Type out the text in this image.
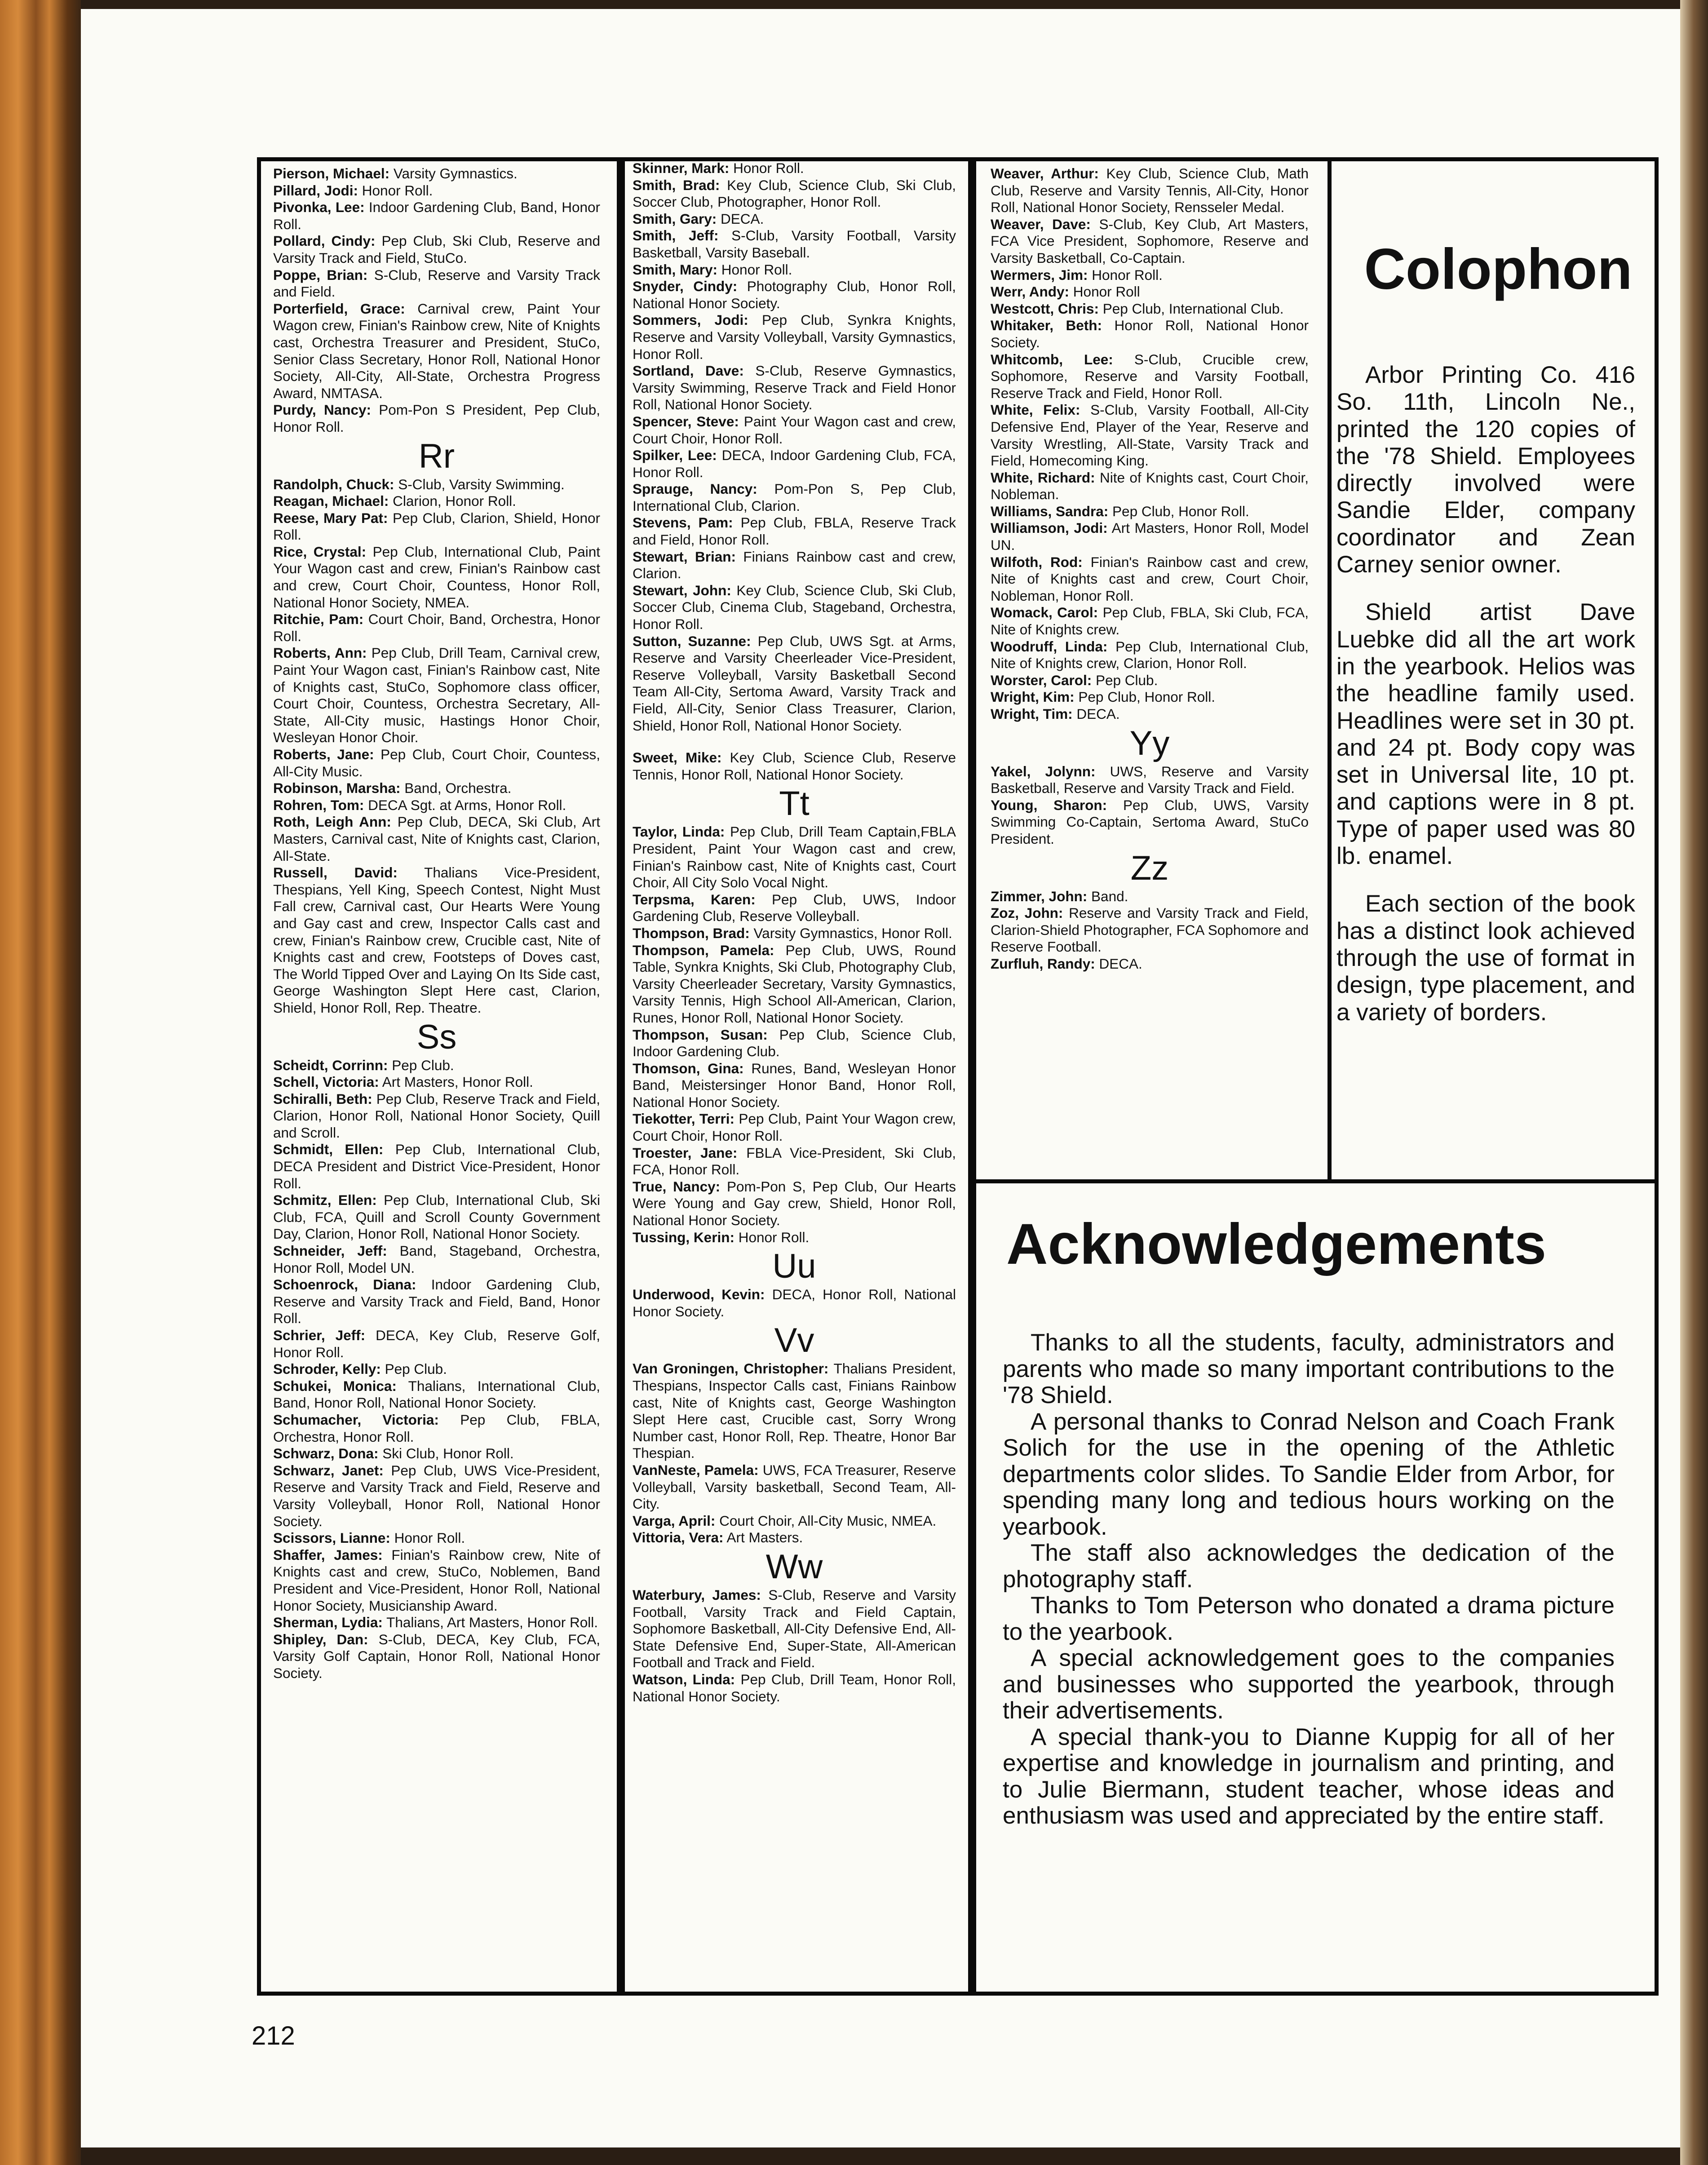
Pierson, Michael: Varsity Gymnastics.

Pillard, Jodi: Honor Roll.

Pivonka, Lee: Indoor Gardening Club, Band, Honor Roll.

Pollard, Cindy: Pep Club, Ski Club, Reserve and Varsity Track and Field, StuCo.

Poppe, Brian: S-Club, Reserve and Varsity Track and Field.

Porterfield, Grace: Carnival crew, Paint Your Wagon crew, Finian's Rainbow crew, Nite of Knights cast, Orchestra Treasurer and President, StuCo, Senior Class Secretary, Honor Roll, National Honor Society, All-City, All-State, Orchestra Progress Award, NMTASA.

Purdy, Nancy: Pom-Pon S President, Pep Club, Honor Roll.

Rr

Randolph, Chuck: S-Club, Varsity Swimming.

Reagan, Michael: Clarion, Honor Roll.

Reese, Mary Pat: Pep Club, Clarion, Shield, Honor Roll.

Rice, Crystal: Pep Club, International Club, Paint Your Wagon cast and crew, Finian's Rainbow cast and crew, Court Choir, Countess, Honor Roll, National Honor Society, NMEA.

Ritchie, Pam: Court Choir, Band, Orchestra, Honor Roll.

Roberts, Ann: Pep Club, Drill Team, Carnival crew, Paint Your Wagon cast, Finian's Rainbow cast, Nite of Knights cast, StuCo, Sophomore class officer, Court Choir, Countess, Orchestra Secretary, All-State, All-City music, Hastings Honor Choir, Wesleyan Honor Choir.

Roberts, Jane: Pep Club, Court Choir, Countess, All-City Music.

Robinson, Marsha: Band, Orchestra.

Rohren, Tom: DECA Sgt. at Arms, Honor Roll.

Roth, Leigh Ann: Pep Club, DECA, Ski Club, Art Masters, Carnival cast, Nite of Knights cast, Clarion, All-State.

Russell, David: Thalians Vice-President, Thespians, Yell King, Speech Contest, Night Must Fall crew, Carnival cast, Our Hearts Were Young and Gay cast and crew, Inspector Calls cast and crew, Finian's Rainbow crew, Crucible cast, Nite of Knights cast and crew, Footsteps of Doves cast, The World Tipped Over and Laying On Its Side cast, George Washington Slept Here cast, Clarion, Shield, Honor Roll, Rep. Theatre.

Ss

Scheidt, Corrinn: Pep Club.

Schell, Victoria: Art Masters, Honor Roll.

Schiralli, Beth: Pep Club, Reserve Track and Field, Clarion, Honor Roll, National Honor Society, Quill and Scroll.

Schmidt, Ellen: Pep Club, International Club, DECA President and District Vice-President, Honor Roll.

Schmitz, Ellen: Pep Club, International Club, Ski Club, FCA, Quill and Scroll County Government Day, Clarion, Honor Roll, National Honor Society.

Schneider, Jeff: Band, Stageband, Orchestra, Honor Roll, Model UN.

Schoenrock, Diana: Indoor Gardening Club, Reserve and Varsity Track and Field, Band, Honor Roll.

Schrier, Jeff: DECA, Key Club, Reserve Golf, Honor Roll.

Schroder, Kelly: Pep Club.

Schukei, Monica: Thalians, International Club, Band, Honor Roll, National Honor Society.

Schumacher, Victoria: Pep Club, FBLA, Orchestra, Honor Roll.

Schwarz, Dona: Ski Club, Honor Roll.

Schwarz, Janet: Pep Club, UWS Vice-President, Reserve and Varsity Track and Field, Reserve and Varsity Volleyball, Honor Roll, National Honor Society.

Scissors, Lianne: Honor Roll.

Shaffer, James: Finian's Rainbow crew, Nite of Knights cast and crew, StuCo, Noblemen, Band President and Vice-President, Honor Roll, National Honor Society, Musicianship Award.

Sherman, Lydia: Thalians, Art Masters, Honor Roll.

Shipley, Dan: S-Club, DECA, Key Club, FCA, Varsity Golf Captain, Honor Roll, National Honor Society.

Skinner, Mark: Honor Roll.

Smith, Brad: Key Club, Science Club, Ski Club, Soccer Club, Photographer, Honor Roll.

Smith, Gary: DECA.

Smith, Jeff: S-Club, Varsity Football, Varsity Basketball, Varsity Baseball.

Smith, Mary: Honor Roll.

Snyder, Cindy: Photography Club, Honor Roll, National Honor Society.

Sommers, Jodi: Pep Club, Synkra Knights, Reserve and Varsity Volleyball, Varsity Gymnastics, Honor Roll.

Sortland, Dave: S-Club, Reserve Gymnastics, Varsity Swimming, Reserve Track and Field Honor Roll, National Honor Society.

Spencer, Steve: Paint Your Wagon cast and crew, Court Choir, Honor Roll.

Spilker, Lee: DECA, Indoor Gardening Club, FCA, Honor Roll.

Sprauge, Nancy: Pom-Pon S, Pep Club, International Club, Clarion.

Stevens, Pam: Pep Club, FBLA, Reserve Track and Field, Honor Roll.

Stewart, Brian: Finians Rainbow cast and crew, Clarion.

Stewart, John: Key Club, Science Club, Ski Club, Soccer Club, Cinema Club, Stageband, Orchestra, Honor Roll.

Sutton, Suzanne: Pep Club, UWS Sgt. at Arms, Reserve and Varsity Cheerleader Vice-President, Reserve Volleyball, Varsity Basketball Second Team All-City, Sertoma Award, Varsity Track and Field, All-City, Senior Class Treasurer, Clarion, Shield, Honor Roll, National Honor Society.

Sweet, Mike: Key Club, Science Club, Reserve Tennis, Honor Roll, National Honor Society.

Tt

Taylor, Linda: Pep Club, Drill Team Captain,FBLA President, Paint Your Wagon cast and crew, Finian's Rainbow cast, Nite of Knights cast, Court Choir, All City Solo Vocal Night.

Terpsma, Karen: Pep Club, UWS, Indoor Gardening Club, Reserve Volleyball.

Thompson, Brad: Varsity Gymnastics, Honor Roll.

Thompson, Pamela: Pep Club, UWS, Round Table, Synkra Knights, Ski Club, Photography Club, Varsity Cheerleader Secretary, Varsity Gymnastics, Varsity Tennis, High School All-American, Clarion, Runes, Honor Roll, National Honor Society.

Thompson, Susan: Pep Club, Science Club, Indoor Gardening Club.

Thomson, Gina: Runes, Band, Wesleyan Honor Band, Meistersinger Honor Band, Honor Roll, National Honor Society.

Tiekotter, Terri: Pep Club, Paint Your Wagon crew, Court Choir, Honor Roll.

Troester, Jane: FBLA Vice-President, Ski Club, FCA, Honor Roll.

True, Nancy: Pom-Pon S, Pep Club, Our Hearts Were Young and Gay crew, Shield, Honor Roll, National Honor Society.

Tussing, Kerin: Honor Roll.

Uu

Underwood, Kevin: DECA, Honor Roll, National Honor Society.

Vv

Van Groningen, Christopher: Thalians President, Thespians, Inspector Calls cast, Finians Rainbow cast, Nite of Knights cast, George Washington Slept Here cast, Crucible cast, Sorry Wrong Number cast, Honor Roll, Rep. Theatre, Honor Bar Thespian.

VanNeste, Pamela: UWS, FCA Treasurer, Reserve Volleyball, Varsity basketball, Second Team, All-City.

Varga, April: Court Choir, All-City Music, NMEA.

Vittoria, Vera: Art Masters.

Ww

Waterbury, James: S-Club, Reserve and Varsity Football, Varsity Track and Field Captain, Sophomore Basketball, All-City Defensive End, All-State Defensive End, Super-State, All-American Football and Track and Field.

Watson, Linda: Pep Club, Drill Team, Honor Roll, National Honor Society.

Weaver, Arthur: Key Club, Science Club, Math Club, Reserve and Varsity Tennis, All-City, Honor Roll, National Honor Society, Rensseler Medal.

Weaver, Dave: S-Club, Key Club, Art Masters, FCA Vice President, Sophomore, Reserve and Varsity Basketball, Co-Captain.

Wermers, Jim: Honor Roll.

Werr, Andy: Honor Roll

Westcott, Chris: Pep Club, International Club.

Whitaker, Beth: Honor Roll, National Honor Society.

Whitcomb, Lee: S-Club, Crucible crew, Sophomore, Reserve and Varsity Football, Reserve Track and Field, Honor Roll.

White, Felix: S-Club, Varsity Football, All-City Defensive End, Player of the Year, Reserve and Varsity Wrestling, All-State, Varsity Track and Field, Homecoming King.

White, Richard: Nite of Knights cast, Court Choir, Nobleman.

Williams, Sandra: Pep Club, Honor Roll.

Williamson, Jodi: Art Masters, Honor Roll, Model UN.

Wilfoth, Rod: Finian's Rainbow cast and crew, Nite of Knights cast and crew, Court Choir, Nobleman, Honor Roll.

Womack, Carol: Pep Club, FBLA, Ski Club, FCA, Nite of Knights crew.

Woodruff, Linda: Pep Club, International Club, Nite of Knights crew, Clarion, Honor Roll.

Worster, Carol: Pep Club.

Wright, Kim: Pep Club, Honor Roll.

Wright, Tim: DECA.

Yy

Yakel, Jolynn: UWS, Reserve and Varsity Basketball, Reserve and Varsity Track and Field.

Young, Sharon: Pep Club, UWS, Varsity Swimming Co-Captain, Sertoma Award, StuCo President.

Zz

Zimmer, John: Band.

Zoz, John: Reserve and Varsity Track and Field, Clarion-Shield Photographer, FCA Sophomore and Reserve Football.

Zurfluh, Randy: DECA.

Colophon

Arbor Printing Co. 416 So. 11th, Lincoln Ne., printed the 120 copies of the '78 Shield. Employees directly involved were Sandie Elder, company coordinator and Zean Carney senior owner.

Shield artist Dave Luebke did all the art work in the yearbook. Helios was the headline family used. Headlines were set in 30 pt. and 24 pt. Body copy was set in Universal lite, 10 pt. and captions were in 8 pt. Type of paper used was 80 lb. enamel.

Each section of the book has a distinct look achieved through the use of format in design, type placement, and a variety of borders.

Acknowledgements

Thanks to all the students, faculty, administrators and parents who made so many important contributions to the '78 Shield.

A personal thanks to Conrad Nelson and Coach Frank Solich for the use in the opening of the Athletic departments color slides. To Sandie Elder from Arbor, for spending many long and tedious hours working on the yearbook.

The staff also acknowledges the dedication of the photography staff.

Thanks to Tom Peterson who donated a drama picture to the yearbook.

A special acknowledgement goes to the companies and businesses who supported the yearbook, through their advertisements.

A special thank-you to Dianne Kuppig for all of her expertise and knowledge in journalism and printing, and to Julie Biermann, student teacher, whose ideas and enthusiasm was used and appreciated by the entire staff.

212
